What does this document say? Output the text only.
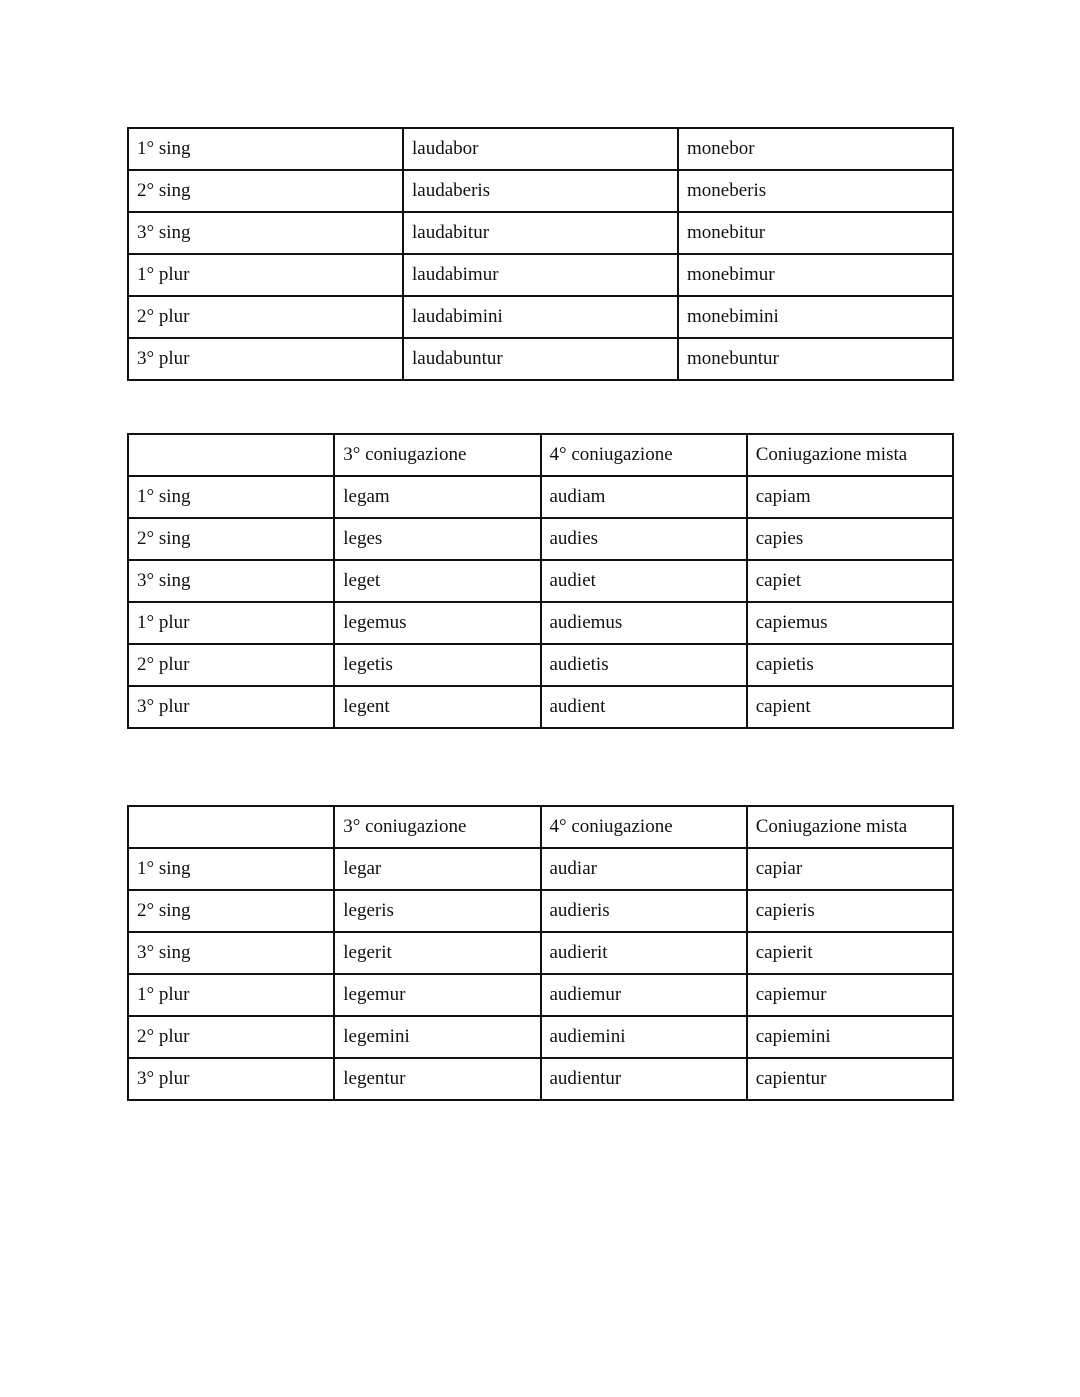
1° sing	laudabor	monebor
2° sing	laudaberis	moneberis
3° sing	laudabitur	monebitur
1° plur	laudabimur	monebimur
2° plur	laudabimini	monebimini
3° plur	laudabuntur	monebuntur
	3° coniugazione	4° coniugazione	Coniugazione mista
1° sing	legam	audiam	capiam
2° sing	leges	audies	capies
3° sing	leget	audiet	capiet
1° plur	legemus	audiemus	capiemus
2° plur	legetis	audietis	capietis
3° plur	legent	audient	capient
	3° coniugazione	4° coniugazione	Coniugazione mista
1° sing	legar	audiar	capiar
2° sing	legeris	audieris	capieris
3° sing	legerit	audierit	capierit
1° plur	legemur	audiemur	capiemur
2° plur	legemini	audiemini	capiemini
3° plur	legentur	audientur	capientur
